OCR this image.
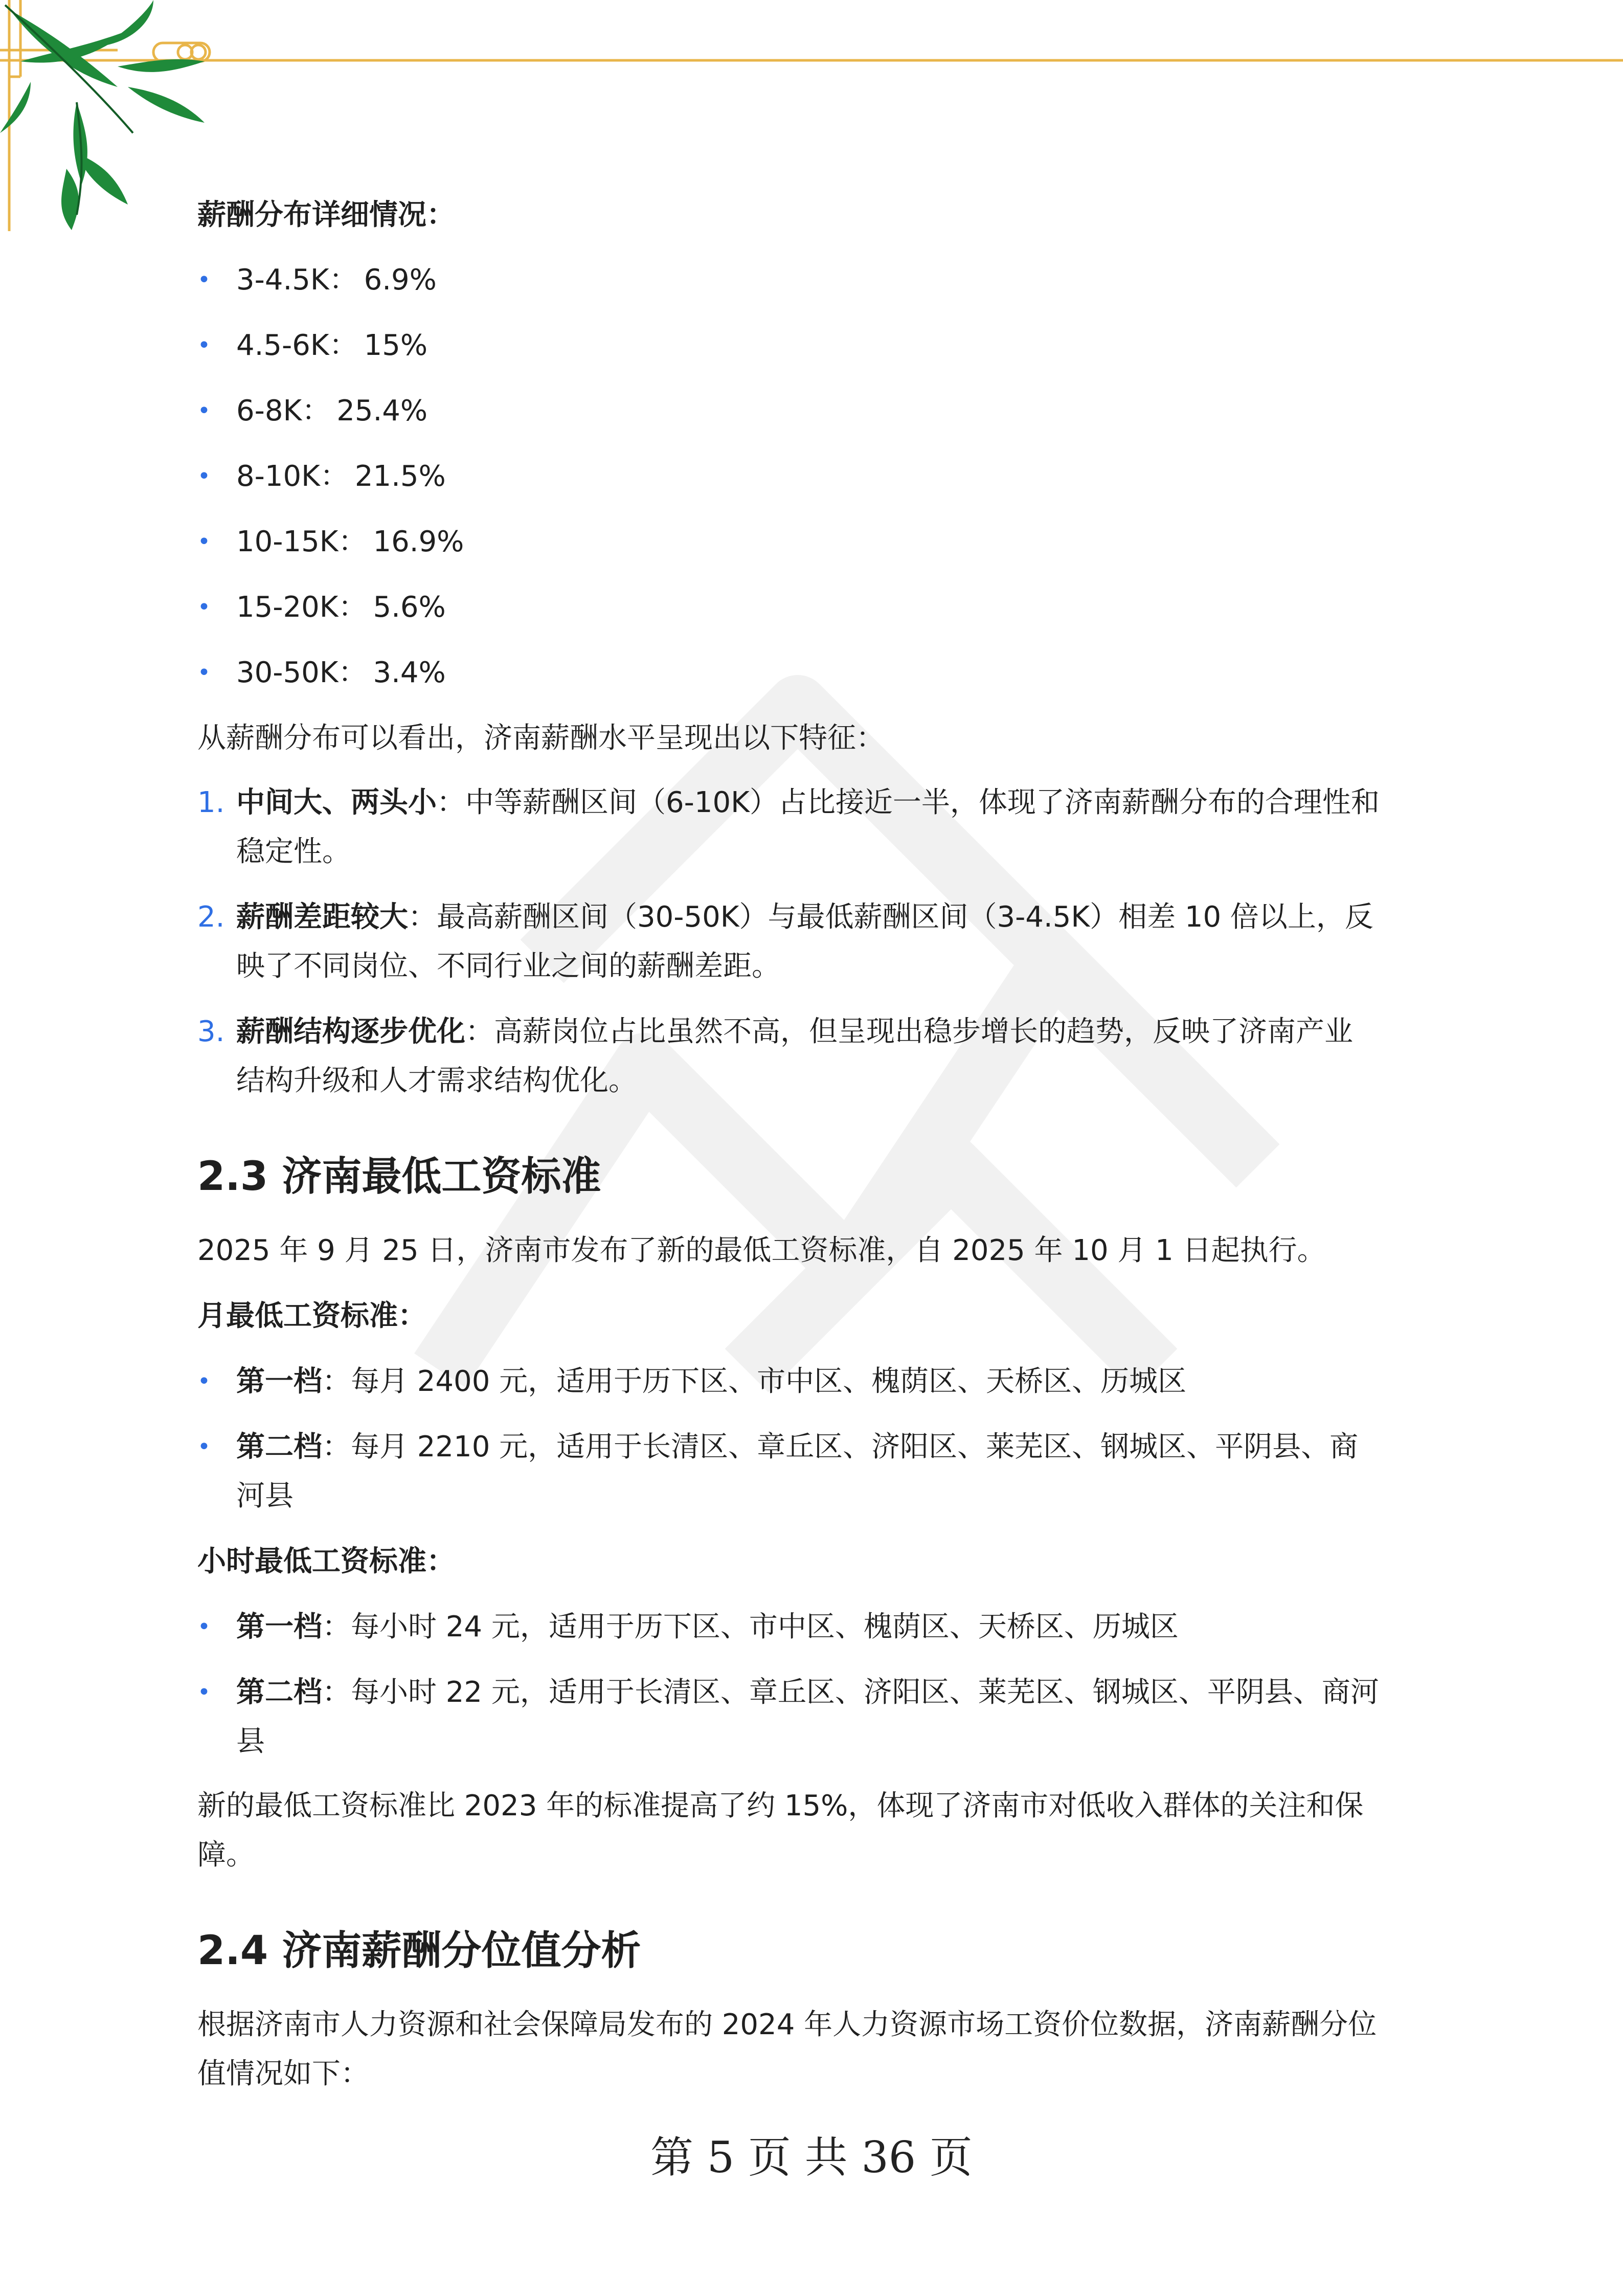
薪酬分布详细情况：
• 3-4.5K： 6.9%
• 4.5-6K： 15%
• 6-8K： 25.4%
• 8-10K： 21.5%
• 10-15K： 16.9%
• 15-20K： 5.6%
• 30-50K： 3.4%
从薪酬分布可以看出，济南薪酬水平呈现出以下特征：
1. 中间大、两头小：中等薪酬区间（6-10K）占比接近一半，体现了济南薪酬分布的合理性和
稳定性。
2. 薪酬差距较大：最高薪酬区间（30-50K）与最低薪酬区间（3-4.5K）相差 10 倍以上，反
映了不同岗位、不同行业之间的薪酬差距。
3. 薪酬结构逐步优化：高薪岗位占比虽然不高，但呈现出稳步增长的趋势，反映了济南产业
结构升级和人才需求结构优化。
2.3 济南最低工资标准
2025 年 9 月 25 日，济南市发布了新的最低工资标准，自 2025 年 10 月 1 日起执行。
月最低工资标准：
• 第一档：每月 2400 元，适用于历下区、市中区、槐荫区、天桥区、历城区
• 第二档：每月 2210 元，适用于长清区、章丘区、济阳区、莱芜区、钢城区、平阴县、商
河县
小时最低工资标准：
• 第一档：每小时 24 元，适用于历下区、市中区、槐荫区、天桥区、历城区
• 第二档：每小时 22 元，适用于长清区、章丘区、济阳区、莱芜区、钢城区、平阴县、商河
县
新的最低工资标准比 2023 年的标准提高了约 15%，体现了济南市对低收入群体的关注和保
障。
2.4 济南薪酬分位值分析
根据济南市人力资源和社会保障局发布的 2024 年人力资源市场工资价位数据，济南薪酬分位
值情况如下：
第 5 页 共 36 页
